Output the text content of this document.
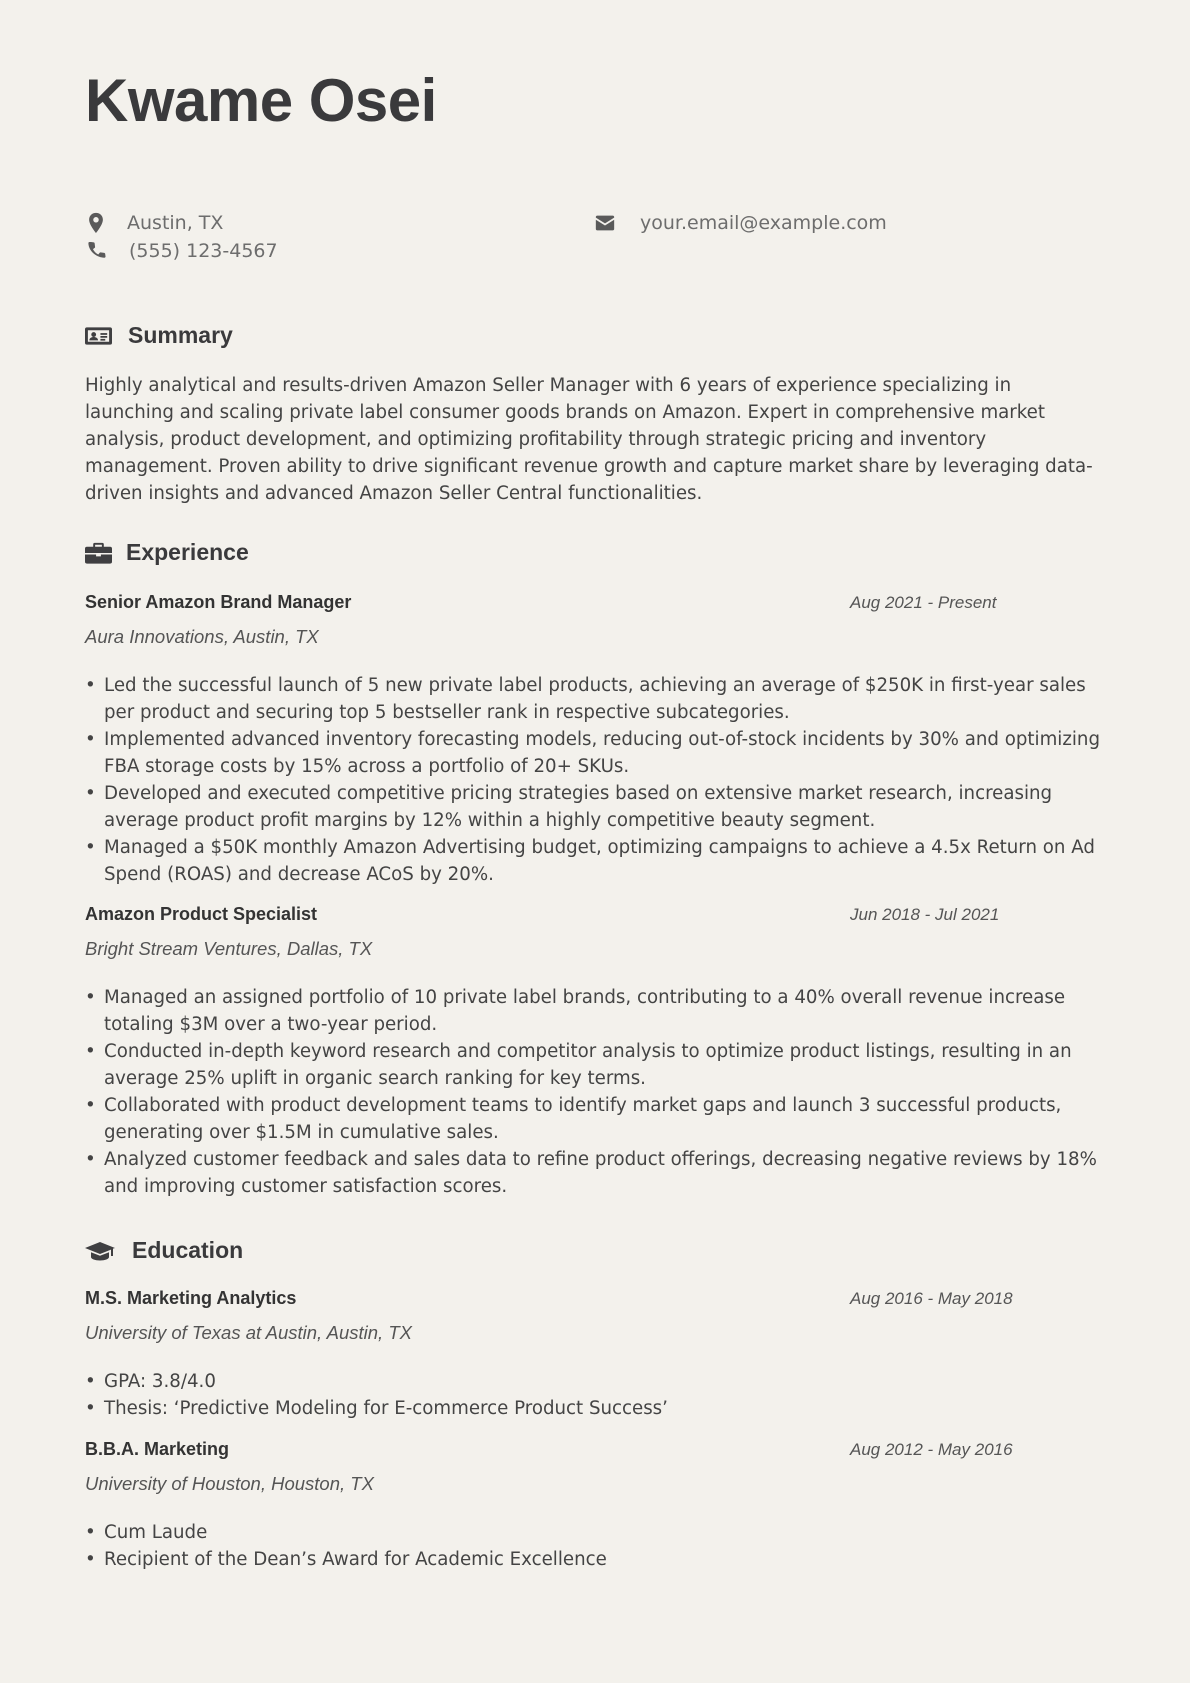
Kwame Osei
Austin, TX
(555) 123-4567
your.email@example.com
Summary

Highly analytical and results-driven Amazon Seller Manager with 6 years of experience specializing in launching and scaling private label consumer goods brands on Amazon. Expert in comprehensive market analysis, product development, and optimizing profitability through strategic pricing and inventory management. Proven ability to drive significant revenue growth and capture market share by leveraging data-driven insights and advanced Amazon Seller Central functionalities.

Experience
Senior Amazon Brand Manager	Aug 2021 - Present
Aura Innovations, Austin, TX
• Led the successful launch of 5 new private label products, achieving an average of $250K in first-year sales per product and securing top 5 bestseller rank in respective subcategories.
• Implemented advanced inventory forecasting models, reducing out-of-stock incidents by 30% and optimizing FBA storage costs by 15% across a portfolio of 20+ SKUs.
• Developed and executed competitive pricing strategies based on extensive market research, increasing average product profit margins by 12% within a highly competitive beauty segment.
• Managed a $50K monthly Amazon Advertising budget, optimizing campaigns to achieve a 4.5x Return on Ad Spend (ROAS) and decrease ACoS by 20%.
Amazon Product Specialist	Jun 2018 - Jul 2021
Bright Stream Ventures, Dallas, TX
• Managed an assigned portfolio of 10 private label brands, contributing to a 40% overall revenue increase totaling $3M over a two-year period.
• Conducted in-depth keyword research and competitor analysis to optimize product listings, resulting in an average 25% uplift in organic search ranking for key terms.
• Collaborated with product development teams to identify market gaps and launch 3 successful products, generating over $1.5M in cumulative sales.
• Analyzed customer feedback and sales data to refine product offerings, decreasing negative reviews by 18% and improving customer satisfaction scores.
Education
M.S. Marketing Analytics	Aug 2016 - May 2018
University of Texas at Austin, Austin, TX
• GPA: 3.8/4.0
• Thesis: ‘Predictive Modeling for E-commerce Product Success’
B.B.A. Marketing	Aug 2012 - May 2016
University of Houston, Houston, TX
• Cum Laude
• Recipient of the Dean’s Award for Academic Excellence
